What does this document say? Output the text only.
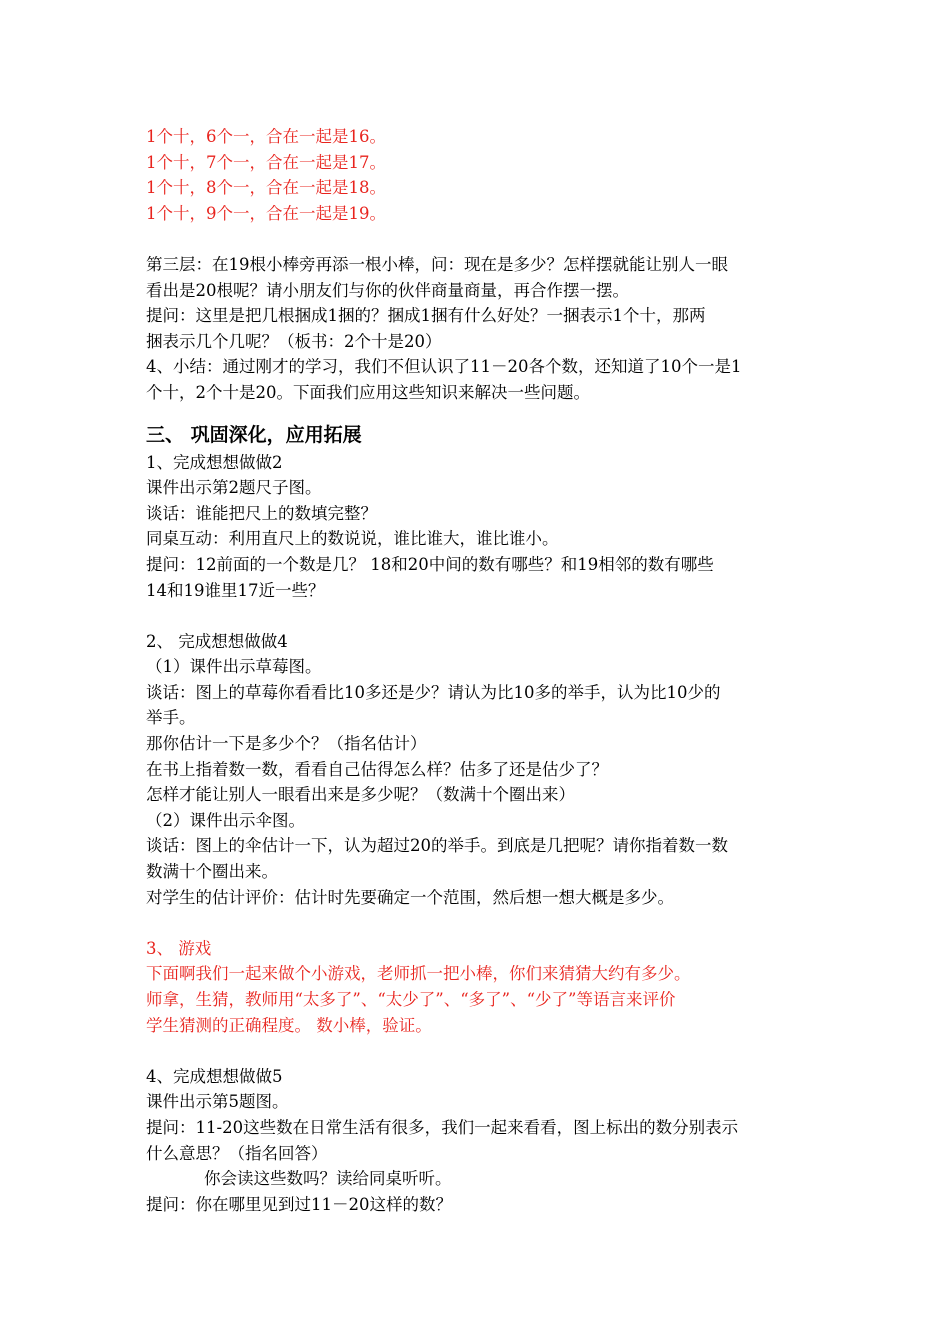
1个十，6个一，合在一起是16。
1个十，7个一，合在一起是17。
1个十，8个一，合在一起是18。
1个十，9个一，合在一起是19。
第三层：在19根小棒旁再添一根小棒，问：现在是多少？怎样摆就能让别人一眼
看出是20根呢？请小朋友们与你的伙伴商量商量，再合作摆一摆。
提问：这里是把几根捆成1捆的？捆成1捆有什么好处？一捆表示1个十，那两
捆表示几个几呢？（板书：2个十是20）
4、小结：通过刚才的学习，我们不但认识了11－20各个数，还知道了10个一是1
个十，2个十是20。下面我们应用这些知识来解决一些问题。
三、 巩固深化，应用拓展
1、完成想想做做2
课件出示第2题尺子图。
谈话：谁能把尺上的数填完整？
同桌互动：利用直尺上的数说说，谁比谁大，谁比谁小。
提问：12前面的一个数是几？ 18和20中间的数有哪些？和19相邻的数有哪些
14和19谁里17近一些？
2、 完成想想做做4
（1）课件出示草莓图。
谈话：图上的草莓你看看比10多还是少？请认为比10多的举手，认为比10少的
举手。
那你估计一下是多少个？（指名估计）
在书上指着数一数，看看自己估得怎么样？估多了还是估少了？
怎样才能让别人一眼看出来是多少呢？（数满十个圈出来）
（2）课件出示伞图。
谈话：图上的伞估计一下，认为超过20的举手。到底是几把呢？请你指着数一数
数满十个圈出来。
对学生的估计评价：估计时先要确定一个范围，然后想一想大概是多少。
3、 游戏
下面啊我们一起来做个小游戏，老师抓一把小棒，你们来猜猜大约有多少。
师拿，生猜，教师用“太多了”、“太少了”、“多了”、“少了”等语言来评价
学生猜测的正确程度。 数小棒，验证。
4、完成想想做做5
课件出示第5题图。
提问：11-20这些数在日常生活有很多，我们一起来看看，图上标出的数分别表示
什么意思？（指名回答）
你会读这些数吗？读给同桌听听。
提问：你在哪里见到过11－20这样的数？
